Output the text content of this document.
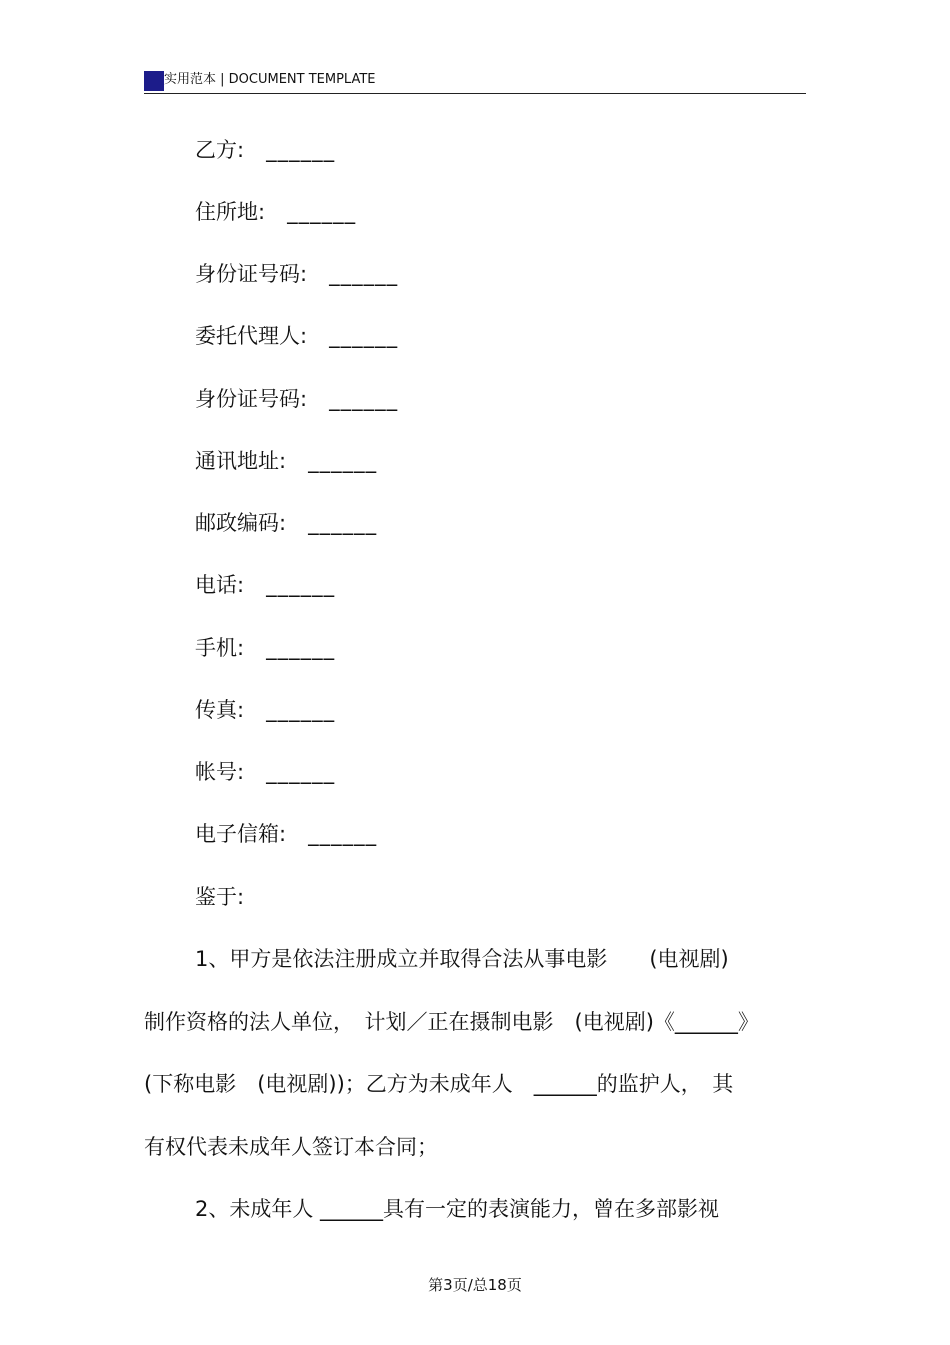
实用范本 | DOCUMENT TEMPLATE
乙方: ______
住所地: ______
身份证号码: ______
委托代理人: ______
身份证号码: ______
通讯地址: ______
邮政编码: ______
电话: ______
手机: ______
传真: ______
帐号: ______
电子信箱: ______
鉴于:
1、甲方是依法注册成立并取得合法从事电影　　(电视剧)
制作资格的法人单位，　计划／正在摄制电影　(电视剧)《______》
(下称电影　(电视剧))；乙方为未成年人　______的监护人，　其
有权代表未成年人签订本合同；
2、未成年人 ______具有一定的表演能力，曾在多部影视
第3页/总18页
